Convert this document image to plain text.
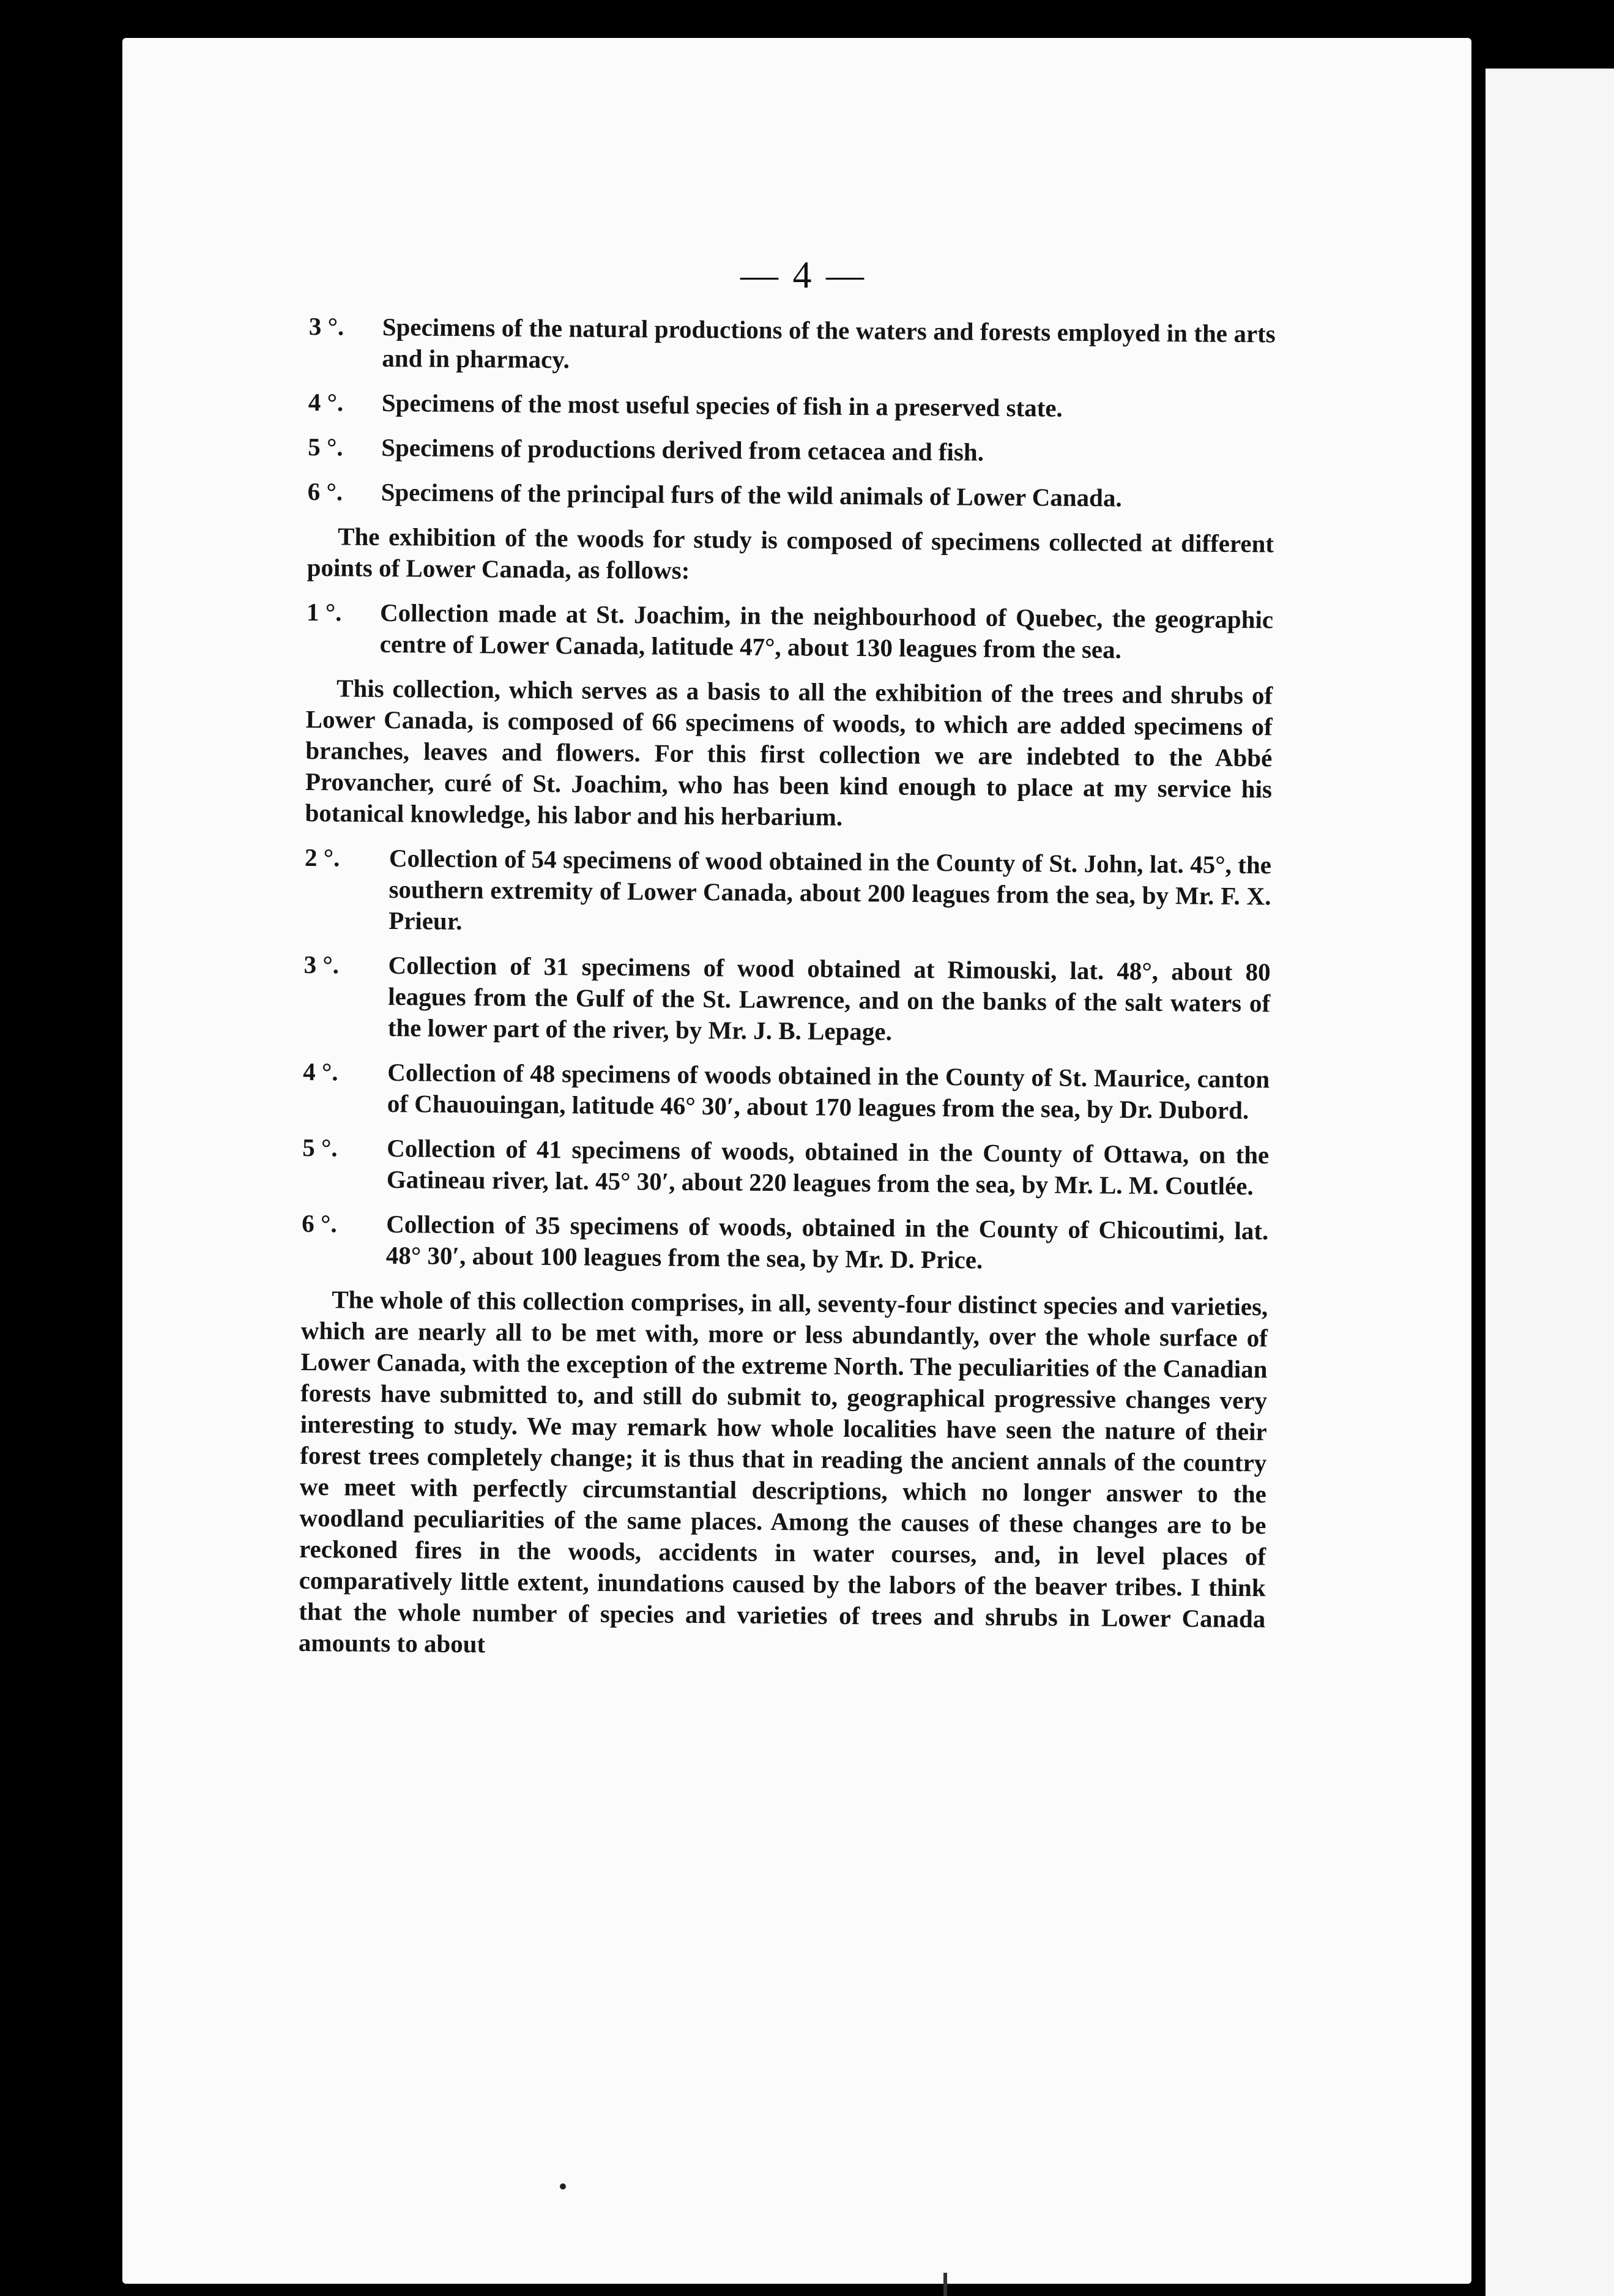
— 4 —
3 °.	Specimens of the natural productions of the waters and forests employed in the arts and in pharmacy.
4 °.	Specimens of the most useful species of fish in a preserved state.
5 °.	Specimens of productions derived from cetacea and fish.
6 °.	Specimens of the principal furs of the wild animals of Lower Canada.

The exhibition of the woods for study is composed of specimens collected at different points of Lower Canada, as follows:

1 °.	Collection made at St. Joachim, in the neighbourhood of Quebec, the geographic centre of Lower Canada, latitude 47°, about 130 leagues from the sea.

This collection, which serves as a basis to all the exhibition of the trees and shrubs of Lower Canada, is composed of 66 specimens of woods, to which are added specimens of branches, leaves and flowers. For this first collection we are indebted to the Abbé Provancher, curé of St. Joachim, who has been kind enough to place at my service his botanical knowledge, his labor and his herbarium.

2 °.	Collection of 54 specimens of wood obtained in the County of St. John, lat. 45°, the southern extremity of Lower Canada, about 200 leagues from the sea, by Mr. F. X. Prieur.
3 °.	Collection of 31 specimens of wood obtained at Rimouski, lat. 48°, about 80 leagues from the Gulf of the St. Lawrence, and on the banks of the salt waters of the lower part of the river, by Mr. J. B. Lepage.
4 °.	Collection of 48 specimens of woods obtained in the County of St. Maurice, canton of Chauouingan, latitude 46° 30′, about 170 leagues from the sea, by Dr. Dubord.
5 °.	Collection of 41 specimens of woods, obtained in the County of Ottawa, on the Gatineau river, lat. 45° 30′, about 220 leagues from the sea, by Mr. L. M. Coutlée.
6 °.	Collection of 35 specimens of woods, obtained in the County of Chicoutimi, lat. 48° 30′, about 100 leagues from the sea, by Mr. D. Price.

The whole of this collection comprises, in all, seventy-four distinct species and varieties, which are nearly all to be met with, more or less abundantly, over the whole surface of Lower Canada, with the exception of the extreme North. The peculiarities of the Canadian forests have submitted to, and still do submit to, geographical progressive changes very interesting to study. We may remark how whole localities have seen the nature of their forest trees completely change; it is thus that in reading the ancient annals of the country we meet with perfectly circumstantial descriptions, which no longer answer to the woodland peculiarities of the same places. Among the causes of these changes are to be reckoned fires in the woods, accidents in water courses, and, in level places of comparatively little extent, inundations caused by the labors of the beaver tribes. I think that the whole number of species and varieties of trees and shrubs in Lower Canada amounts to about
